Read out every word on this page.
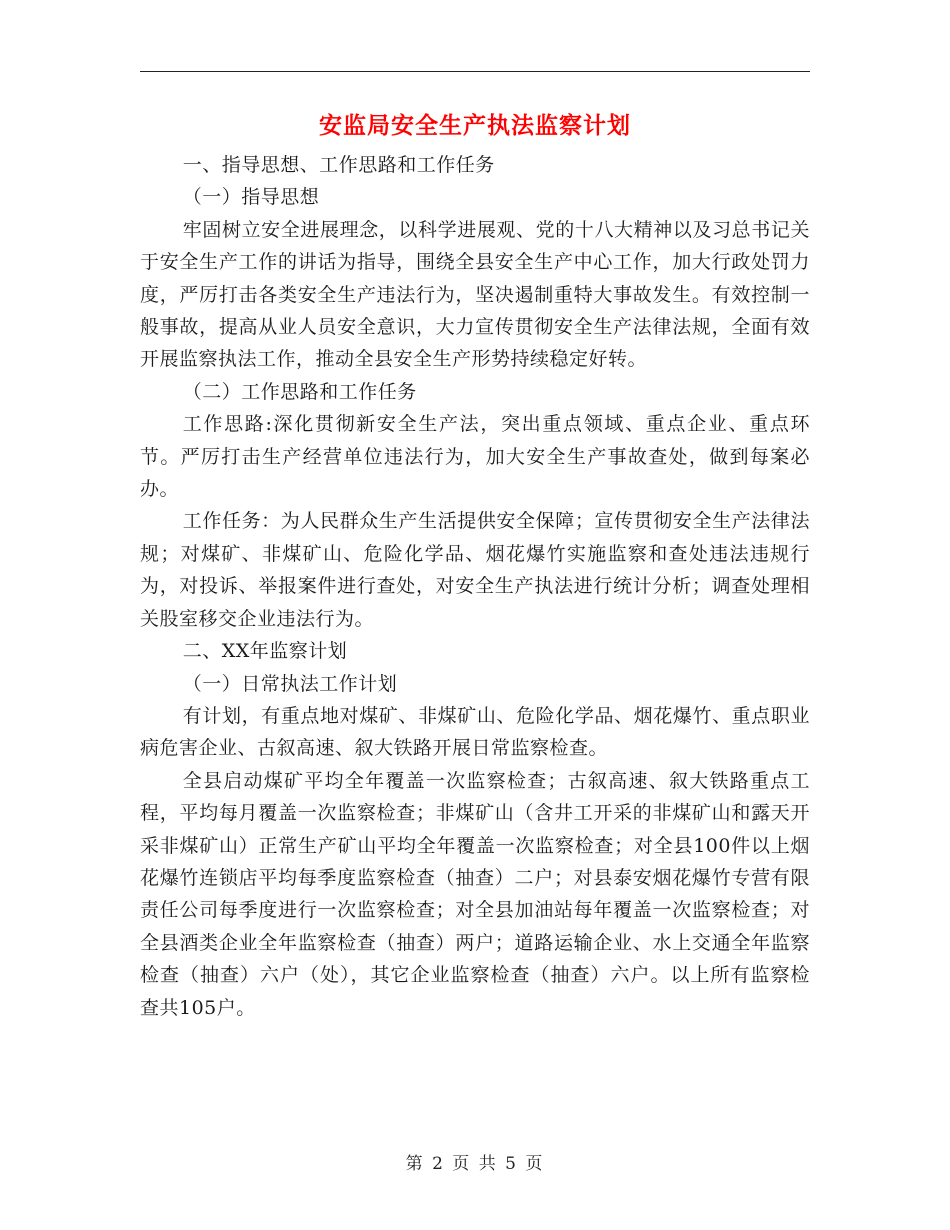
安监局安全生产执法监察计划

一、指导思想、工作思路和工作任务

（一）指导思想

牢固树立安全进展理念，以科学进展观、党的十八大精神以及习总书记关于安全生产工作的讲话为指导，围绕全县安全生产中心工作，加大行政处罚力度，严厉打击各类安全生产违法行为，坚决遏制重特大事故发生。有效控制一般事故，提高从业人员安全意识，大力宣传贯彻安全生产法律法规，全面有效开展监察执法工作，推动全县安全生产形势持续稳定好转。

（二）工作思路和工作任务

工作思路:深化贯彻新安全生产法，突出重点领域、重点企业、重点环节。严厉打击生产经营单位违法行为，加大安全生产事故查处，做到每案必办。

工作任务：为人民群众生产生活提供安全保障；宣传贯彻安全生产法律法规；对煤矿、非煤矿山、危险化学品、烟花爆竹实施监察和查处违法违规行为，对投诉、举报案件进行查处，对安全生产执法进行统计分析；调查处理相关股室移交企业违法行为。

二、XX年监察计划

（一）日常执法工作计划

有计划，有重点地对煤矿、非煤矿山、危险化学品、烟花爆竹、重点职业病危害企业、古叙高速、叙大铁路开展日常监察检查。

全县启动煤矿平均全年覆盖一次监察检查；古叙高速、叙大铁路重点工程，平均每月覆盖一次监察检查；非煤矿山（含井工开采的非煤矿山和露天开采非煤矿山）正常生产矿山平均全年覆盖一次监察检查；对全县100件以上烟花爆竹连锁店平均每季度监察检查（抽查）二户；对县泰安烟花爆竹专营有限责任公司每季度进行一次监察检查；对全县加油站每年覆盖一次监察检查；对全县酒类企业全年监察检查（抽查）两户；道路运输企业、水上交通全年监察检查（抽查）六户（处），其它企业监察检查（抽查）六户。以上所有监察检查共105户。

第 2 页 共 5 页
